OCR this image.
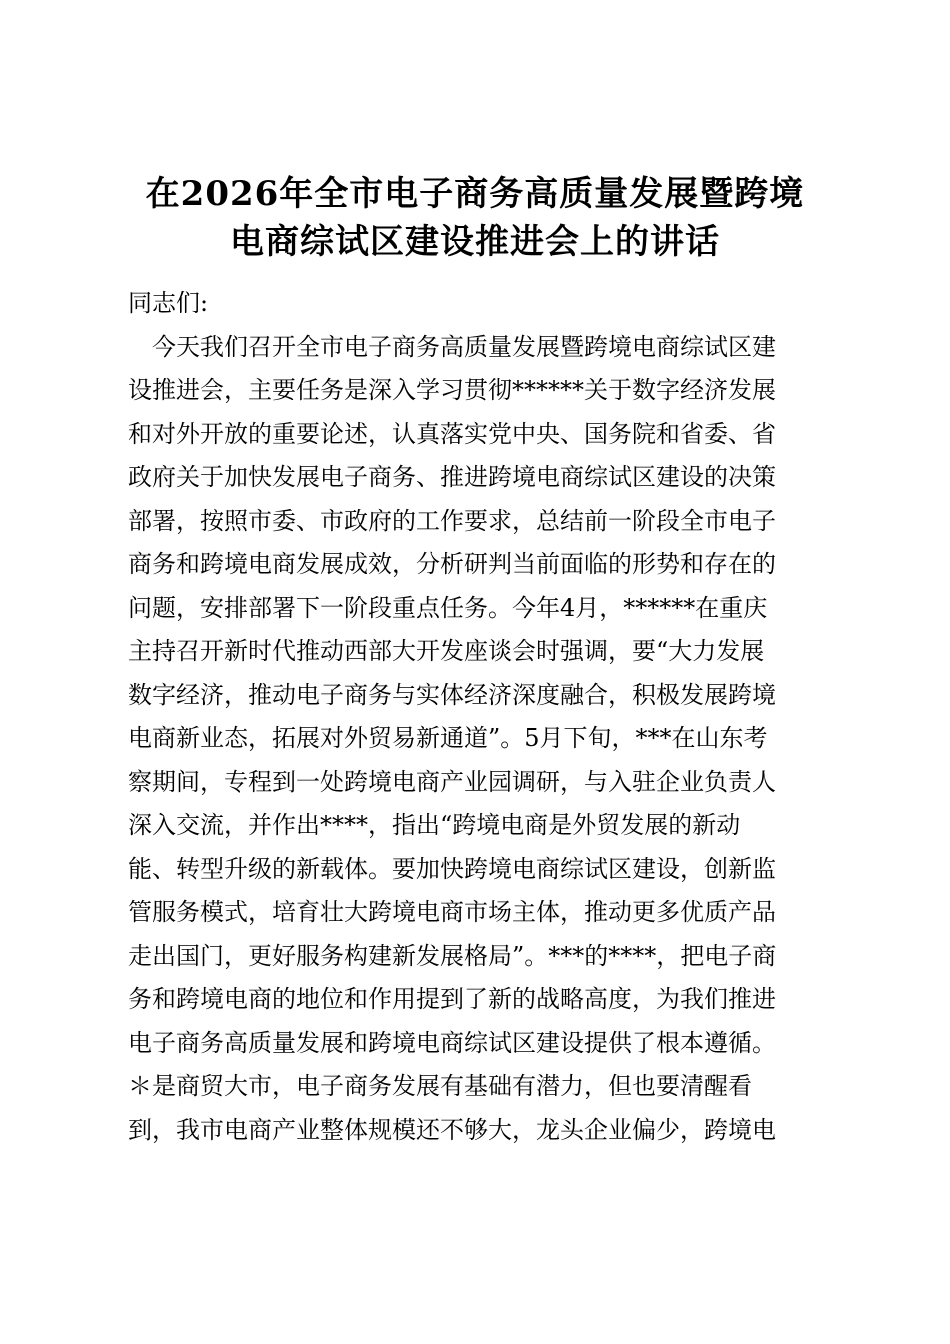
在2026年全市电子商务高质量发展暨跨境
电商综试区建设推进会上的讲话
同志们:
　今天我们召开全市电子商务高质量发展暨跨境电商综试区建
设推进会，主要任务是深入学习贯彻******关于数字经济发展
和对外开放的重要论述，认真落实党中央、国务院和省委、省
政府关于加快发展电子商务、推进跨境电商综试区建设的决策
部署，按照市委、市政府的工作要求，总结前一阶段全市电子
商务和跨境电商发展成效，分析研判当前面临的形势和存在的
问题，安排部署下一阶段重点任务。今年4月，******在重庆
主持召开新时代推动西部大开发座谈会时强调，要“大力发展
数字经济，推动电子商务与实体经济深度融合，积极发展跨境
电商新业态，拓展对外贸易新通道”。5月下旬，***在山东考
察期间，专程到一处跨境电商产业园调研，与入驻企业负责人
深入交流，并作出****，指出“跨境电商是外贸发展的新动
能、转型升级的新载体。要加快跨境电商综试区建设，创新监
管服务模式，培育壮大跨境电商市场主体，推动更多优质产品
走出国门，更好服务构建新发展格局”。***的****，把电子商
务和跨境电商的地位和作用提到了新的战略高度，为我们推进
电子商务高质量发展和跨境电商综试区建设提供了根本遵循。
＊是商贸大市，电子商务发展有基础有潜力，但也要清醒看
到，我市电商产业整体规模还不够大，龙头企业偏少，跨境电
